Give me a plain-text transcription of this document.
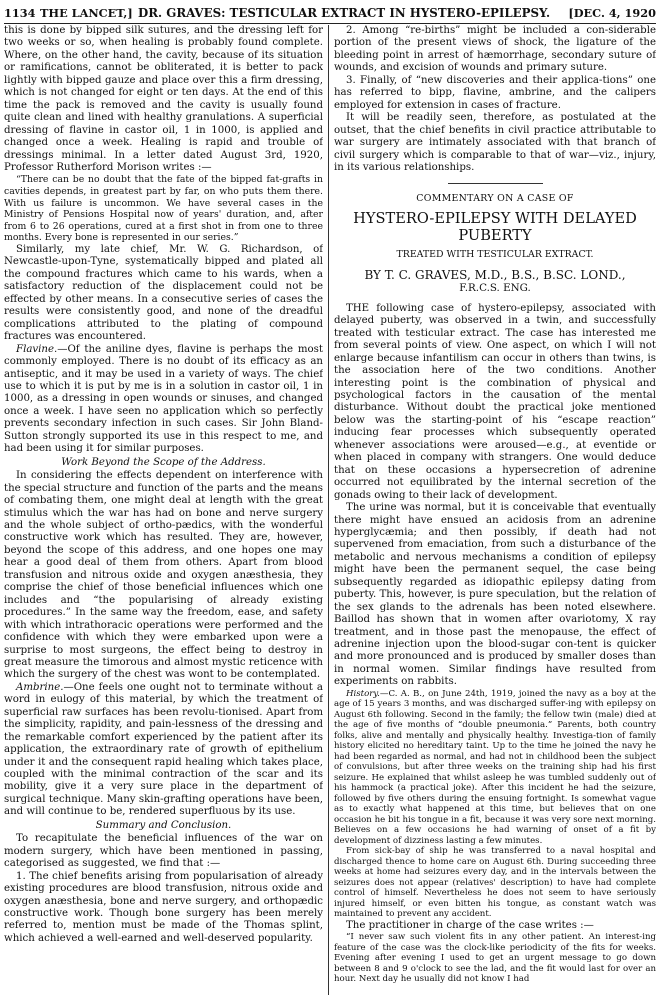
1134 THE LANCET,] DR. GRAVES: TESTICULAR EXTRACT IN HYSTERO-EPILEPSY. [DEC. 4, 1920

this is done by bipped silk sutures, and the dressing left for two weeks or so, when healing is probably found complete. Where, on the other hand, the cavity, because of its situation or ramifications, cannot be obliterated, it is better to pack lightly with bipped gauze and place over this a firm dressing, which is not changed for eight or ten days. At the end of this time the pack is removed and the cavity is usually found quite clean and lined with healthy granulations. A superficial dressing of flavine in castor oil, 1 in 1000, is applied and changed once a week. Healing is rapid and trouble of dressings minimal. In a letter dated August 3rd, 1920, Professor Rutherford Morison writes :—

“There can be no doubt that the fate of the bipped fat-grafts in cavities depends, in greatest part by far, on who puts them there. With us failure is uncommon. We have several cases in the Ministry of Pensions Hospital now of years' duration, and, after from 6 to 26 operations, cured at a first shot in from one to three months. Every bone is represented in our series.”

Similarly, my late chief, Mr. W. G. Richardson, of Newcastle-upon-Tyne, systematically bipped and plated all the compound fractures which came to his wards, when a satisfactory reduction of the displacement could not be effected by other means. In a consecutive series of cases the results were consistently good, and none of the dreadful complications attributed to the plating of compound fractures was encountered.

Flavine.—Of the aniline dyes, flavine is perhaps the most commonly employed. There is no doubt of its efficacy as an antiseptic, and it may be used in a variety of ways. The chief use to which it is put by me is in a solution in castor oil, 1 in 1000, as a dressing in open wounds or sinuses, and changed once a week. I have seen no application which so perfectly prevents secondary infection in such cases. Sir John Bland-Sutton strongly supported its use in this respect to me, and had been using it for similar purposes.

Work Beyond the Scope of the Address.

In considering the effects dependent on interference with the special structure and function of the parts and the means of combating them, one might deal at length with the great stimulus which the war has had on bone and nerve surgery and the whole subject of ortho-pædics, with the wonderful constructive work which has resulted. They are, however, beyond the scope of this address, and one hopes one may hear a good deal of them from others. Apart from blood transfusion and nitrous oxide and oxygen anæsthesia, they comprise the chief of those beneficial influences which one includes and “the popularising of already existing procedures.” In the same way the freedom, ease, and safety with which intrathoracic operations were performed and the confidence with which they were embarked upon were a surprise to most surgeons, the effect being to destroy in great measure the timorous and almost mystic reticence with which the surgery of the chest was wont to be contemplated.

Ambrine.—One feels one ought not to terminate without a word in eulogy of this material, by which the treatment of superficial raw surfaces has been revolu-tionised. Apart from the simplicity, rapidity, and pain-lessness of the dressing and the remarkable comfort experienced by the patient after its application, the extraordinary rate of growth of epithelium under it and the consequent rapid healing which takes place, coupled with the minimal contraction of the scar and its mobility, give it a very sure place in the department of surgical technique. Many skin-grafting operations have been, and will continue to be, rendered superfluous by its use.

Summary and Conclusion.

To recapitulate the beneficial influences of the war on modern surgery, which have been mentioned in passing, categorised as suggested, we find that :—

1. The chief benefits arising from popularisation of already existing procedures are blood transfusion, nitrous oxide and oxygen anæsthesia, bone and nerve surgery, and orthopædic constructive work. Though bone surgery has been merely referred to, mention must be made of the Thomas splint, which achieved a well-earned and well-deserved popularity.

2. Among “re-births” might be included a con-siderable portion of the present views of shock, the ligature of the bleeding point in arrest of hæmorrhage, secondary suture of wounds, and excision of wounds and primary suture.

3. Finally, of “new discoveries and their applica-tions” one has referred to bipp, flavine, ambrine, and the calipers employed for extension in cases of fracture.

It will be readily seen, therefore, as postulated at the outset, that the chief benefits in civil practice attributable to war surgery are intimately associated with that branch of civil surgery which is comparable to that of war—viz., injury, in its various relationships.

COMMENTARY ON A CASE OF

HYSTERO-EPILEPSY WITH DELAYED PUBERTY

TREATED WITH TESTICULAR EXTRACT.

BY T. C. GRAVES, M.D., B.S., B.SC. LOND.,

F.R.C.S. ENG.

THE following case of hystero-epilepsy, associated with delayed puberty, was observed in a twin, and successfully treated with testicular extract. The case has interested me from several points of view. One aspect, on which I will not enlarge because infantilism can occur in others than twins, is the association here of the two conditions. Another interesting point is the combination of physical and psychological factors in the causation of the mental disturbance. Without doubt the practical joke mentioned below was the starting-point of his “escape reaction” inducing fear processes which subsequently operated whenever associations were aroused—e.g., at eventide or when placed in company with strangers. One would deduce that on these occasions a hypersecretion of adrenine occurred not equilibrated by the internal secretion of the gonads owing to their lack of development.

The urine was normal, but it is conceivable that eventually there might have ensued an acidosis from an adrenine hyperglycæmia; and then possibly, if death had not supervened from emaciation, from such a disturbance of the metabolic and nervous mechanisms a condition of epilepsy might have been the permanent sequel, the case being subsequently regarded as idiopathic epilepsy dating from puberty. This, however, is pure speculation, but the relation of the sex glands to the adrenals has been noted elsewhere. Baillod has shown that in women after ovariotomy, X ray treatment, and in those past the menopause, the effect of adrenine injection upon the blood-sugar con-tent is quicker and more pronounced and is produced by smaller doses than in normal women. Similar findings have resulted from experiments on rabbits.

History.—C. A. B., on June 24th, 1919, joined the navy as a boy at the age of 15 years 3 months, and was discharged suffer-ing with epilepsy on August 6th following. Second in the family; the fellow twin (male) died at the age of five months of “double pneumonia.” Parents, both country folks, alive and mentally and physically healthy. Investiga-tion of family history elicited no hereditary taint. Up to the time he joined the navy he had been regarded as normal, and had not in childhood been the subject of convulsions, but after three weeks on the training ship had his first seizure. He explained that whilst asleep he was tumbled suddenly out of his hammock (a practical joke). After this incident he had the seizure, followed by five others during the ensuing fortnight. Is somewhat vague as to exactly what happened at this time, but believes that on one occasion he bit his tongue in a fit, because it was very sore next morning. Believes on a few occasions he had warning of onset of a fit by development of dizziness lasting a few minutes.

From sick-bay of ship he was transferred to a naval hospital and discharged thence to home care on August 6th. During succeeding three weeks at home had seizures every day, and in the intervals between the seizures does not appear (relatives' description) to have had complete control of himself. Nevertheless he does not seem to have seriously injured himself, or even bitten his tongue, as constant watch was maintained to prevent any accident.

The practitioner in charge of the case writes :—

“I never saw such violent fits in any other patient. An interest-ing feature of the case was the clock-like periodicity of the fits for weeks. Evening after evening I used to get an urgent message to go down between 8 and 9 o'clock to see the lad, and the fit would last for over an hour. Next day he usually did not know I had
